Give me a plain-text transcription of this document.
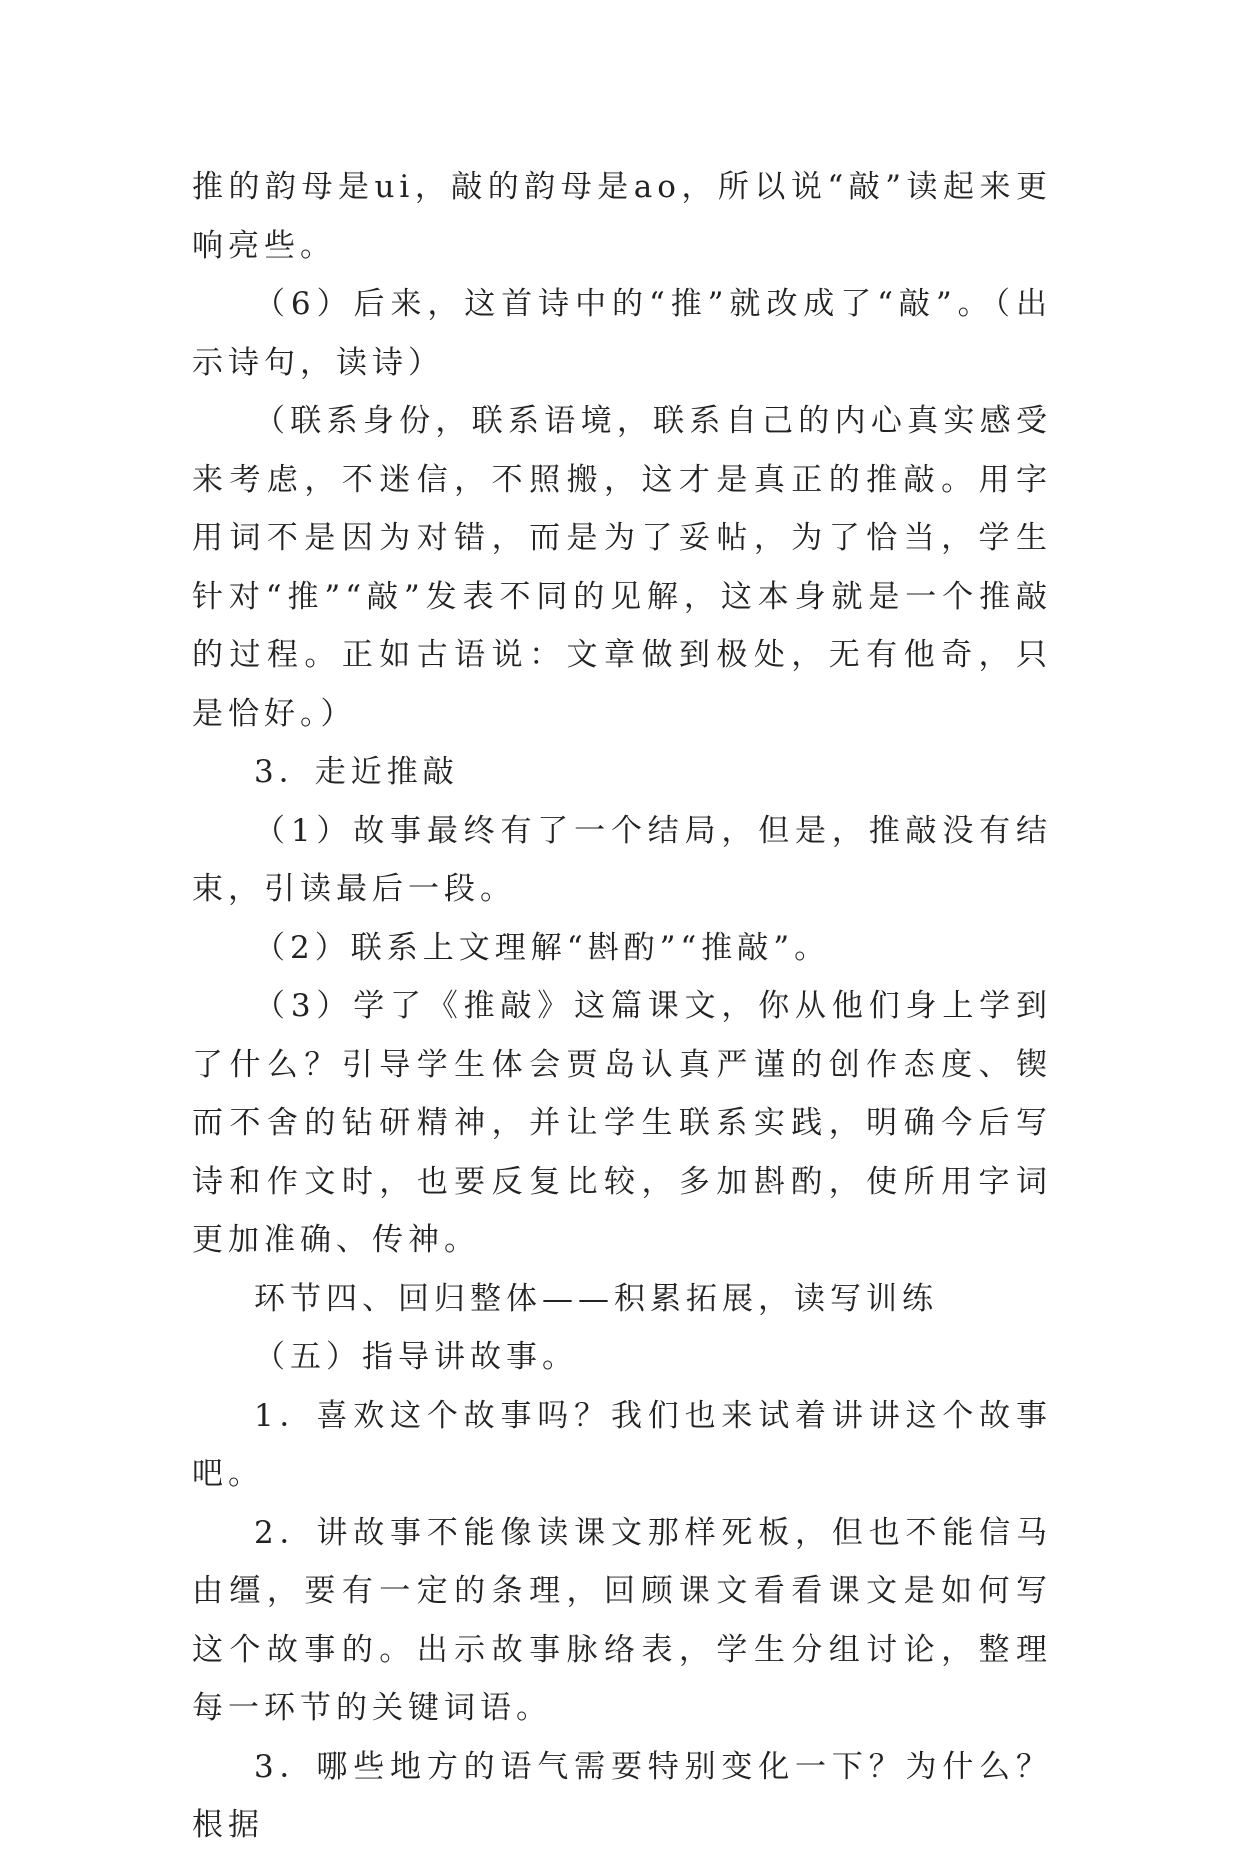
推的韵母是ui，敲的韵母是ao，所以说“敲”读起来更响亮些。

（6）后来，这首诗中的“推”就改成了“敲”。（出示诗句，读诗）

（联系身份，联系语境，联系自己的内心真实感受来考虑，不迷信，不照搬，这才是真正的推敲。用字用词不是因为对错，而是为了妥帖，为了恰当，学生针对“推”“敲”发表不同的见解，这本身就是一个推敲的过程。正如古语说：文章做到极处，无有他奇，只是恰好。）

3．走近推敲

（1）故事最终有了一个结局，但是，推敲没有结束，引读最后一段。

（2）联系上文理解“斟酌”“推敲”。

（3）学了《推敲》这篇课文，你从他们身上学到了什么？引导学生体会贾岛认真严谨的创作态度、锲而不舍的钻研精神，并让学生联系实践，明确今后写诗和作文时，也要反复比较，多加斟酌，使所用字词更加准确、传神。

环节四、回归整体——积累拓展，读写训练

（五）指导讲故事。

1．喜欢这个故事吗？我们也来试着讲讲这个故事吧。

2．讲故事不能像读课文那样死板，但也不能信马由缰，要有一定的条理，回顾课文看看课文是如何写这个故事的。出示故事脉络表，学生分组讨论，整理每一环节的关键词语。

3．哪些地方的语气需要特别变化一下？为什么？根据
